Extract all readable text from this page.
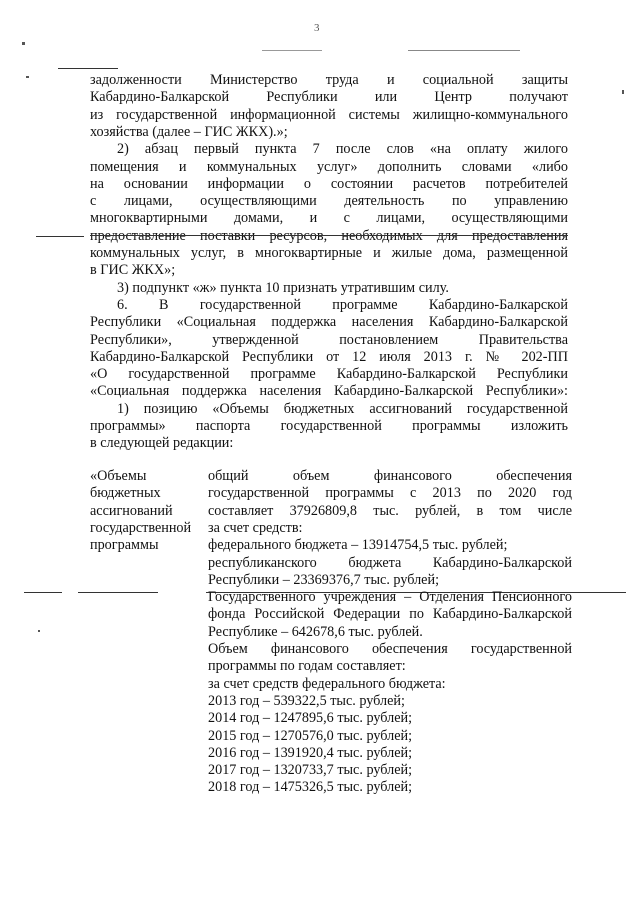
3
задолженности Министерство труда и социальной защиты
Кабардино-Балкарской Республики или Центр получают
из государственной информационной системы жилищно-коммунального
хозяйства (далее – ГИС ЖКХ).»;
2) абзац первый пункта 7 после слов «на оплату жилого
помещения и коммунальных услуг» дополнить словами «либо
на основании информации о состоянии расчетов потребителей
с лицами, осуществляющими деятельность по управлению
многоквартирными домами, и с лицами, осуществляющими
предоставление поставки ресурсов, необходимых для предоставления
коммунальных услуг, в многоквартирные и жилые дома, размещенной
в ГИС ЖКХ»;
3) подпункт «ж» пункта 10 признать утратившим силу.
6. В государственной программе Кабардино-Балкарской
Республики «Социальная поддержка населения Кабардино-Балкарской
Республики», утвержденной постановлением Правительства
Кабардино-Балкарской Республики от 12 июля 2013 г. № 202-ПП
«О государственной программе Кабардино-Балкарской Республики
«Социальная поддержка населения Кабардино-Балкарской Республики»:
1) позицию «Объемы бюджетных ассигнований государственной
программы» паспорта государственной программы изложить
в следующей редакции:
«Объемы
бюджетных
ассигнований
государственной
программы
общий объем финансового обеспечения
государственной программы с 2013 по 2020 год
составляет 37926809,8 тыс. рублей, в том числе
за счет средств:
федерального бюджета – 13914754,5 тыс. рублей;
республиканского бюджета Кабардино-Балкарской
Республики – 23369376,7 тыс. рублей;
Государственного учреждения – Отделения Пенсионного
фонда Российской Федерации по Кабардино-Балкарской
Республике – 642678,6 тыс. рублей.
Объем финансового обеспечения государственной
программы по годам составляет:
за счет средств федерального бюджета:
2013 год – 539322,5 тыс. рублей;
2014 год – 1247895,6 тыс. рублей;
2015 год – 1270576,0 тыс. рублей;
2016 год – 1391920,4 тыс. рублей;
2017 год – 1320733,7 тыс. рублей;
2018 год – 1475326,5 тыс. рублей;
